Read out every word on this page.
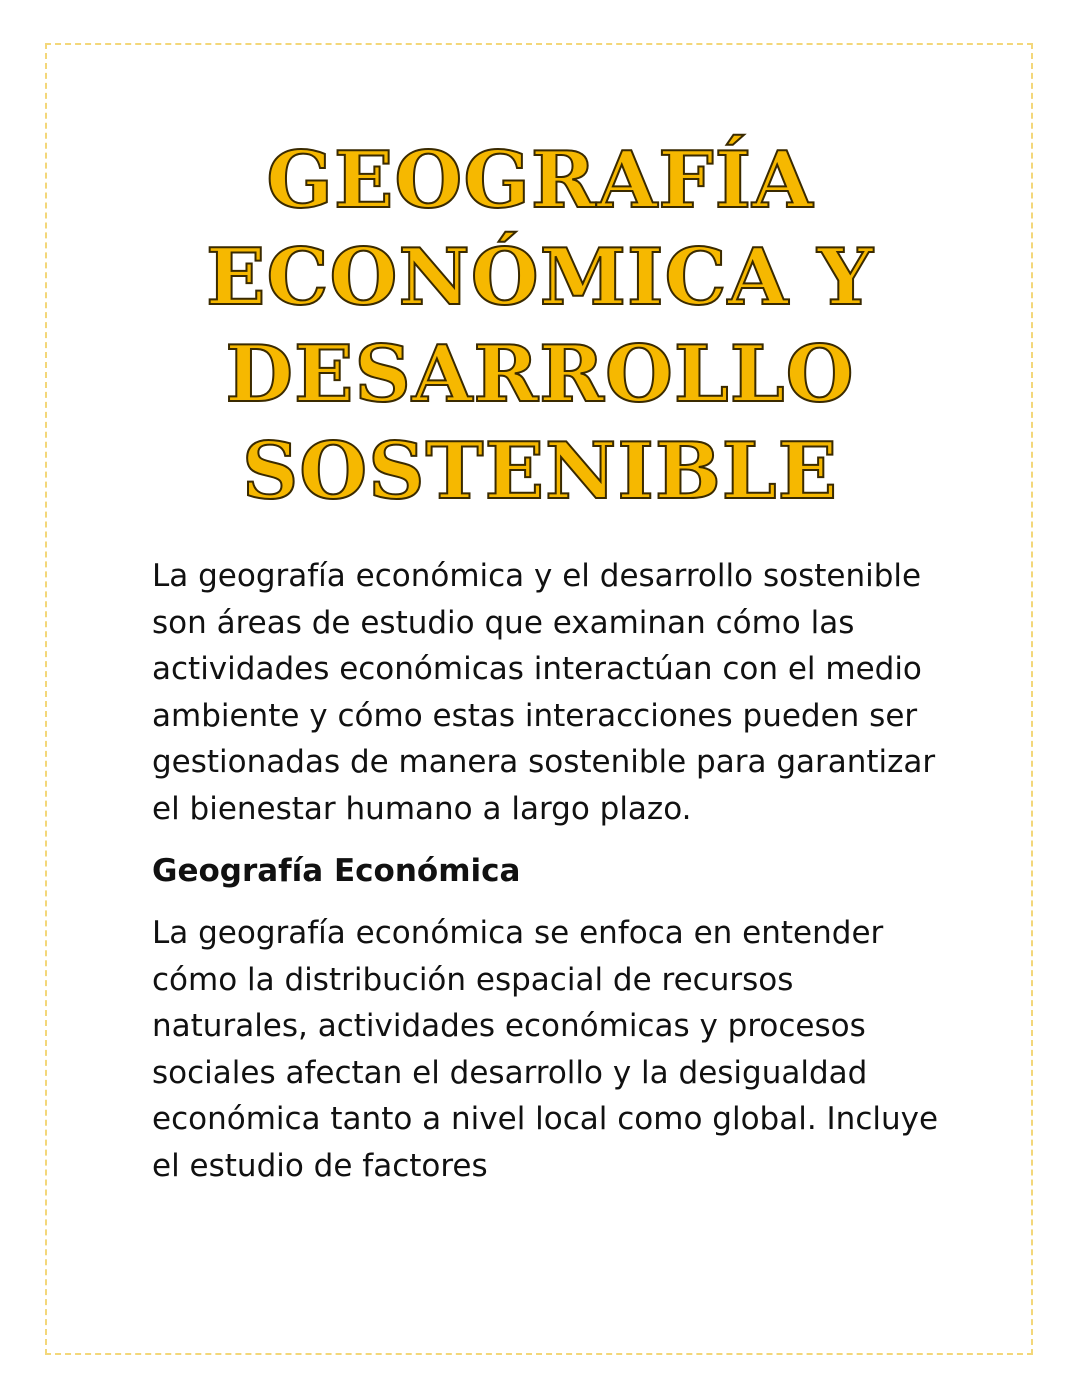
GEOGRAFÍA
ECONÓMICA Y
DESARROLLO
SOSTENIBLE

La geografía económica y el desarrollo sostenible son áreas de estudio que examinan cómo las actividades económicas interactúan con el medio ambiente y cómo estas interacciones pueden ser gestionadas de manera sostenible para garantizar el bienestar humano a largo plazo.

Geografía Económica

La geografía económica se enfoca en entender cómo la distribución espacial de recursos naturales, actividades económicas y procesos sociales afectan el desarrollo y la desigualdad económica tanto a nivel local como global. Incluye el estudio de factores
